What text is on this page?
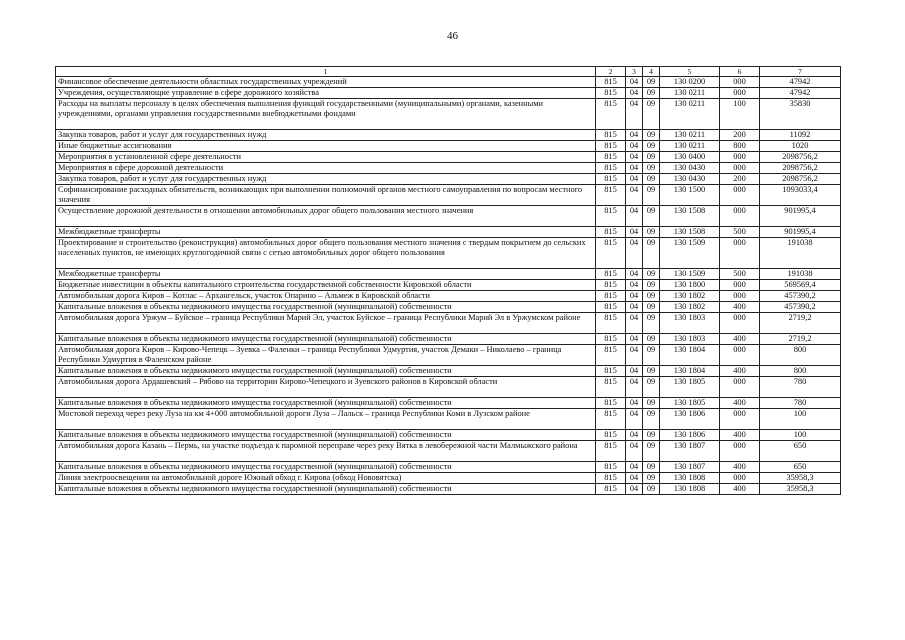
46
1	2	3	4	5	6	7
Финансовое обеспечение деятельности областных государственных учреждений	815	04	09	130 0200	000	47942
Учреждения, осуществляющие управление в сфере дорожного хозяйства	815	04	09	130 0211	000	47942
Расходы на выплаты персоналу в целях обеспечения выполнения функций государственными (муниципальными) органами, казенными учреждениями, органами управления государственными внебюджетными фондами	815	04	09	130 0211	100	35830
Закупка товаров, работ и услуг для государственных нужд	815	04	09	130 0211	200	11092
Иные бюджетные ассигнования	815	04	09	130 0211	800	1020
Мероприятия в установленной сфере деятельности	815	04	09	130 0400	000	2098756,2
Мероприятия в сфере дорожной деятельности	815	04	09	130 0430	000	2098756,2
Закупка товаров, работ и услуг для государственных нужд	815	04	09	130 0430	200	2098756,2
Софинансирование расходных обязательств, возникающих при выполнении полномочий органов местного самоуправления по вопросам местного значения	815	04	09	130 1500	000	1093033,4
Осуществление дорожной деятельности в отношении автомобильных дорог общего пользования местного значения	815	04	09	130 1508	000	901995,4
Межбюджетные трансферты	815	04	09	130 1508	500	901995,4
Проектирование и строительство (реконструкция) автомобильных дорог общего пользования местного значения с твердым покрытием до сельских населенных пунктов, не имеющих круглогодичной связи с сетью автомобильных дорог общего пользования	815	04	09	130 1509	000	191038
Межбюджетные трансферты	815	04	09	130 1509	500	191038
Бюджетные инвестиции в объекты капитального строительства государственной собственности Кировской области	815	04	09	130 1800	000	569569,4
Автомобильная дорога Киров – Котлас – Архангельск, участок Опарино – Альмеж в Кировской области	815	04	09	130 1802	000	457390,2
Капитальные вложения в объекты недвижимого имущества государственной (муниципальной) собственности	815	04	09	130 1802	400	457390,2
Автомобильная дорога Уржум – Буйское – граница Республики Марий Эл, участок Буйское – граница Республики Марий Эл в Уржумском районе	815	04	09	130 1803	000	2719,2
Капитальные вложения в объекты недвижимого имущества государственной (муниципальной) собственности	815	04	09	130 1803	400	2719,2
Автомобильная дорога Киров – Кирово-Чепецк – Зуевка – Фаленки – граница Республики Удмуртия, участок Демаки – Николаево – граница Республики Удмуртия в Фаленском районе	815	04	09	130 1804	000	800
Капитальные вложения в объекты недвижимого имущества государственной (муниципальной) собственности	815	04	09	130 1804	400	800
Автомобильная дорога Ардашевский – Рябово на территории Кирово-Чепецкого и Зуевского районов в Кировской области	815	04	09	130 1805	000	780
Капитальные вложения в объекты недвижимого имущества государственной (муниципальной) собственности	815	04	09	130 1805	400	780
Мостовой переход через реку Луза на км 4+000 автомобильной дороги Луза – Лальск – граница Республики Коми в Лузском районе	815	04	09	130 1806	000	100
Капитальные вложения в объекты недвижимого имущества государственной (муниципальной) собственности	815	04	09	130 1806	400	100
Автомобильная дорога Казань – Пермь, на участке подъезда к паромной переправе через реку Вятка в левобережной части Малмыжского района	815	04	09	130 1807	000	650
Капитальные вложения в объекты недвижимого имущества государственной (муниципальной) собственности	815	04	09	130 1807	400	650
Линия электроосвещения на автомобильной дороге Южный обход г. Кирова (обход Нововятска)	815	04	09	130 1808	000	35958,3
Капитальные вложения в объекты недвижимого имущества государственной (муниципальной) собственности	815	04	09	130 1808	400	35958,3
